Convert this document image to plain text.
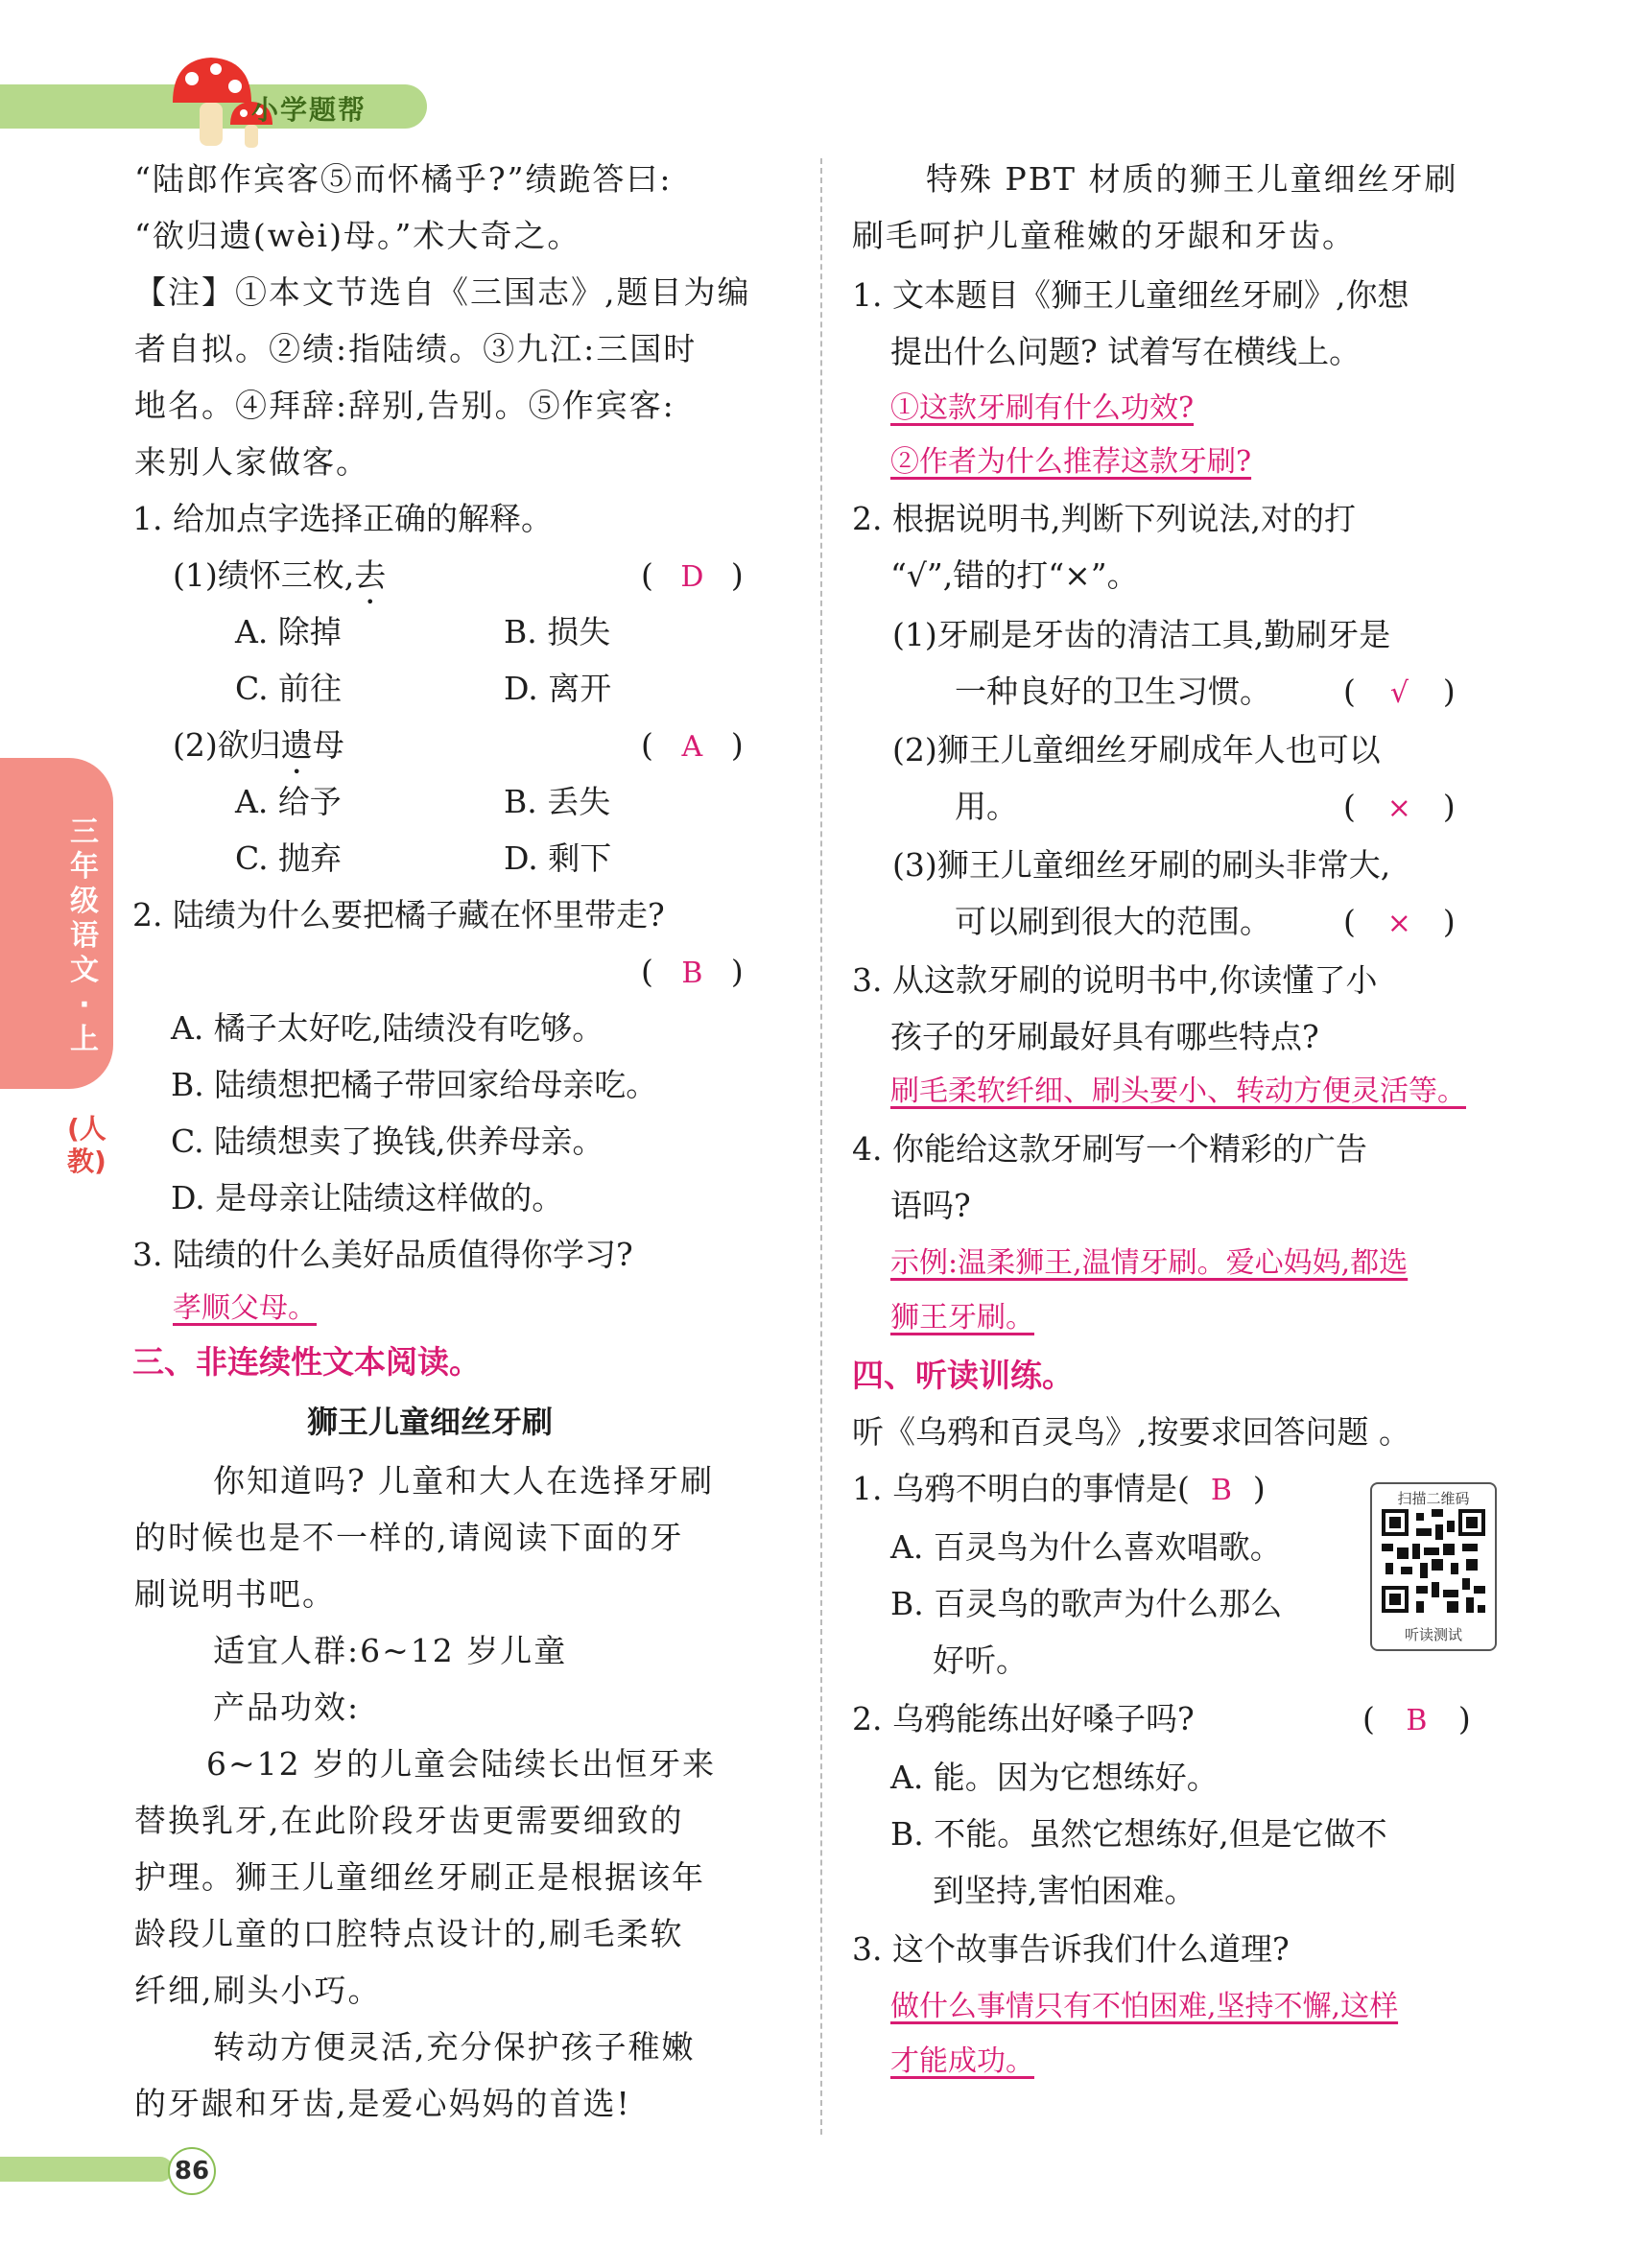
小学题帮
三年级语文·上
(人教)
“陆郎作宾客⑤而怀橘乎?”绩跪答曰:
“欲归遗(wèi)母。”术大奇之。
【注】①本文节选自《三国志》,题目为编
者自拟。②绩:指陆绩。③九江:三国时
地名。④拜辞:辞别,告别。⑤作宾客:
来别人家做客。
1. 给加点字选择正确的解释。
(1)绩怀三枚,去	( D )
A. 除掉	B. 损失
C. 前往	D. 离开
(2)欲归遗母	( A )
A. 给予	B. 丢失
C. 抛弃	D. 剩下
2. 陆绩为什么要把橘子藏在怀里带走?
( B )
A. 橘子太好吃,陆绩没有吃够。
B. 陆绩想把橘子带回家给母亲吃。
C. 陆绩想卖了换钱,供养母亲。
D. 是母亲让陆绩这样做的。
3. 陆绩的什么美好品质值得你学习?
孝顺父母。
三、非连续性文本阅读。
狮王儿童细丝牙刷
你知道吗? 儿童和大人在选择牙刷
的时候也是不一样的,请阅读下面的牙
刷说明书吧。
适宜人群:6~12 岁儿童
产品功效:
6~12 岁的儿童会陆续长出恒牙来
替换乳牙,在此阶段牙齿更需要细致的
护理。狮王儿童细丝牙刷正是根据该年
龄段儿童的口腔特点设计的,刷毛柔软
纤细,刷头小巧。
转动方便灵活,充分保护孩子稚嫩
的牙龈和牙齿,是爱心妈妈的首选!
特殊 PBT 材质的狮王儿童细丝牙刷
刷毛呵护儿童稚嫩的牙龈和牙齿。
1. 文本题目《狮王儿童细丝牙刷》,你想
提出什么问题? 试着写在横线上。
①这款牙刷有什么功效?
②作者为什么推荐这款牙刷?
2. 根据说明书,判断下列说法,对的打
“√”,错的打“×”。
(1)牙刷是牙齿的清洁工具,勤刷牙是
一种良好的卫生习惯。 ( √ )
(2)狮王儿童细丝牙刷成年人也可以
用。	( × )
(3)狮王儿童细丝牙刷的刷头非常大,
可以刷到很大的范围。 ( × )
3. 从这款牙刷的说明书中,你读懂了小
孩子的牙刷最好具有哪些特点?
刷毛柔软纤细、刷头要小、转动方便灵活等。
4. 你能给这款牙刷写一个精彩的广告
语吗?
示例:温柔狮王,温情牙刷。爱心妈妈,都选
狮王牙刷。
四、听读训练。
听《乌鸦和百灵鸟》,按要求回答问题 。
1. 乌鸦不明白的事情是( B )
A. 百灵鸟为什么喜欢唱歌。
B. 百灵鸟的歌声为什么那么
好听。
扫描二维码
听读测试
2. 乌鸦能练出好嗓子吗?	( B )
A. 能。因为它想练好。
B. 不能。虽然它想练好,但是它做不
到坚持,害怕困难。
3. 这个故事告诉我们什么道理?
做什么事情只有不怕困难,坚持不懈,这样
才能成功。
86
